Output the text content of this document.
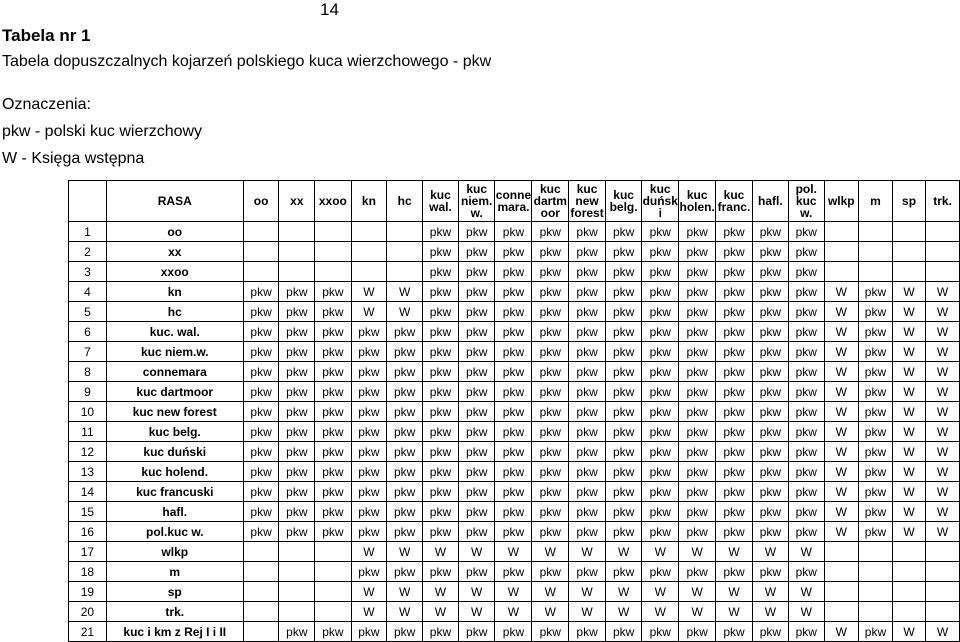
14
Tabela nr 1
Tabela dopuszczalnych kojarzeń polskiego kuca wierzchowego - pkw
Oznaczenia:
pkw - polski kuc wierzchowy
W - Księga wstępna
	RASA	oo	xx	xxoo	kn	hc	kuc wal.	kuc niem. w.	conne mara.	kuc dartm oor	kuc new forest	kuc belg.	kuc duńsk i	kuc holen.	kuc franc.	hafl.	pol. kuc w.	wlkp	m	sp	trk.
1	oo						pkw	pkw	pkw	pkw	pkw	pkw	pkw	pkw	pkw	pkw	pkw				
2	xx						pkw	pkw	pkw	pkw	pkw	pkw	pkw	pkw	pkw	pkw	pkw				
3	xxoo						pkw	pkw	pkw	pkw	pkw	pkw	pkw	pkw	pkw	pkw	pkw				
4	kn	pkw	pkw	pkw	W	W	pkw	pkw	pkw	pkw	pkw	pkw	pkw	pkw	pkw	pkw	pkw	W	pkw	W	W
5	hc	pkw	pkw	pkw	W	W	pkw	pkw	pkw	pkw	pkw	pkw	pkw	pkw	pkw	pkw	pkw	W	pkw	W	W
6	kuc. wal.	pkw	pkw	pkw	pkw	pkw	pkw	pkw	pkw	pkw	pkw	pkw	pkw	pkw	pkw	pkw	pkw	W	pkw	W	W
7	kuc niem.w.	pkw	pkw	pkw	pkw	pkw	pkw	pkw	pkw	pkw	pkw	pkw	pkw	pkw	pkw	pkw	pkw	W	pkw	W	W
8	connemara	pkw	pkw	pkw	pkw	pkw	pkw	pkw	pkw	pkw	pkw	pkw	pkw	pkw	pkw	pkw	pkw	W	pkw	W	W
9	kuc dartmoor	pkw	pkw	pkw	pkw	pkw	pkw	pkw	pkw	pkw	pkw	pkw	pkw	pkw	pkw	pkw	pkw	W	pkw	W	W
10	kuc new forest	pkw	pkw	pkw	pkw	pkw	pkw	pkw	pkw	pkw	pkw	pkw	pkw	pkw	pkw	pkw	pkw	W	pkw	W	W
11	kuc belg.	pkw	pkw	pkw	pkw	pkw	pkw	pkw	pkw	pkw	pkw	pkw	pkw	pkw	pkw	pkw	pkw	W	pkw	W	W
12	kuc duński	pkw	pkw	pkw	pkw	pkw	pkw	pkw	pkw	pkw	pkw	pkw	pkw	pkw	pkw	pkw	pkw	W	pkw	W	W
13	kuc holend.	pkw	pkw	pkw	pkw	pkw	pkw	pkw	pkw	pkw	pkw	pkw	pkw	pkw	pkw	pkw	pkw	W	pkw	W	W
14	kuc francuski	pkw	pkw	pkw	pkw	pkw	pkw	pkw	pkw	pkw	pkw	pkw	pkw	pkw	pkw	pkw	pkw	W	pkw	W	W
15	hafl.	pkw	pkw	pkw	pkw	pkw	pkw	pkw	pkw	pkw	pkw	pkw	pkw	pkw	pkw	pkw	pkw	W	pkw	W	W
16	pol.kuc w.	pkw	pkw	pkw	pkw	pkw	pkw	pkw	pkw	pkw	pkw	pkw	pkw	pkw	pkw	pkw	pkw	W	pkw	W	W
17	wlkp				W	W	W	W	W	W	W	W	W	W	W	W	W				
18	m				pkw	pkw	pkw	pkw	pkw	pkw	pkw	pkw	pkw	pkw	pkw	pkw	pkw				
19	sp				W	W	W	W	W	W	W	W	W	W	W	W	W				
20	trk.				W	W	W	W	W	W	W	W	W	W	W	W	W				
21	kuc i km z Rej I i II		pkw	pkw	pkw	pkw	pkw	pkw	pkw	pkw	pkw	pkw	pkw	pkw	pkw	pkw	pkw	W	pkw	W	W
